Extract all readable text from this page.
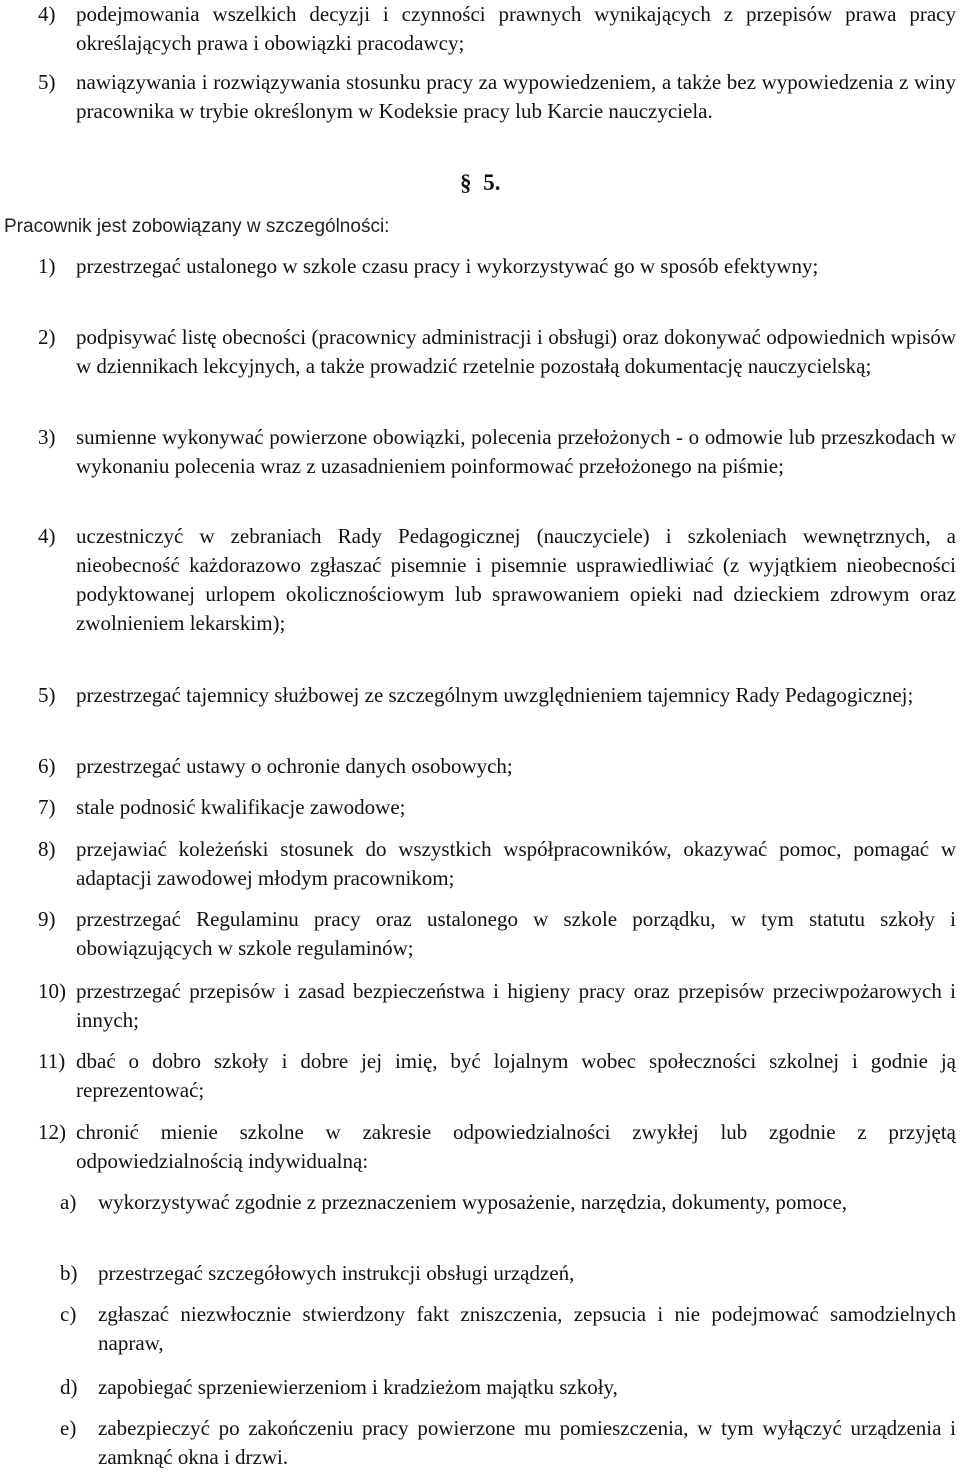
4) podejmowania wszelkich decyzji i czynności prawnych wynikających z przepisów prawa pracy określających prawa i obowiązki pracodawcy;
5) nawiązywania i rozwiązywania stosunku pracy za wypowiedzeniem, a także bez wypowiedzenia z winy pracownika w trybie określonym w Kodeksie pracy lub Karcie nauczyciela.
§ 5.
Pracownik jest zobowiązany w szczególności:
1) przestrzegać ustalonego w szkole czasu pracy i wykorzystywać go w sposób efektywny;
2) podpisywać listę obecności (pracownicy administracji i obsługi) oraz dokonywać odpowiednich wpisów w dziennikach lekcyjnych, a także prowadzić rzetelnie pozostałą dokumentację nauczycielską;
3) sumienne wykonywać powierzone obowiązki, polecenia przełożonych - o odmowie lub przeszkodach w wykonaniu polecenia wraz z uzasadnieniem poinformować przełożonego na piśmie;
4) uczestniczyć w zebraniach Rady Pedagogicznej (nauczyciele) i szkoleniach wewnętrznych, a nieobecność każdorazowo zgłaszać pisemnie i pisemnie usprawiedliwiać (z wyjątkiem nieobecności podyktowanej urlopem okolicznościowym lub sprawowaniem opieki nad dzieckiem zdrowym oraz zwolnieniem lekarskim);
5) przestrzegać tajemnicy służbowej ze szczególnym uwzględnieniem tajemnicy Rady Pedagogicznej;
6) przestrzegać ustawy o ochronie danych osobowych;
7) stale podnosić kwalifikacje zawodowe;
8) przejawiać koleżeński stosunek do wszystkich współpracowników, okazywać pomoc, pomagać w adaptacji zawodowej młodym pracownikom;
9) przestrzegać Regulaminu pracy oraz ustalonego w szkole porządku, w tym statutu szkoły i obowiązujących w szkole regulaminów;
10) przestrzegać przepisów i zasad bezpieczeństwa i higieny pracy oraz przepisów przeciwpożarowych i innych;
11) dbać o dobro szkoły i dobre jej imię, być lojalnym wobec społeczności szkolnej i godnie ją reprezentować;
12) chronić mienie szkolne w zakresie odpowiedzialności zwykłej lub zgodnie z przyjętą odpowiedzialnością indywidualną:
a)	wykorzystywać zgodnie z przeznaczeniem wyposażenie, narzędzia, dokumenty, pomoce,
b) przestrzegać szczegółowych instrukcji obsługi urządzeń,
c)	zgłaszać niezwłocznie stwierdzony fakt zniszczenia, zepsucia i nie podejmować samodzielnych napraw,
d) zapobiegać sprzeniewierzeniom i kradzieżom majątku szkoły,
e)	zabezpieczyć po zakończeniu pracy powierzone mu pomieszczenia, w tym wyłączyć urządzenia i zamknąć okna i drzwi.
